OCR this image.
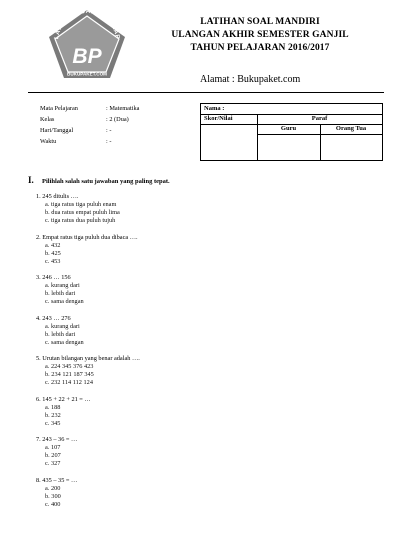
LATIHAN SOAL LENGKAP
BP
BUKUPAKET.COM
LATIHAN SOAL MANDIRI
ULANGAN AKHIR SEMESTER GANJIL
TAHUN PELAJARAN 2016/2017
Alamat : Bukupaket.com
Mata Pelajaran	: Matematika
Kelas	: 2 (Dua)
Hari/Tanggal	: -
Waktu	: -
Nama :
Skor/Nilai	Paraf
Guru	Orang Tua
I.	Pilihlah salah satu jawaban yang paling tepat.
1. 245 ditulis ….
a. tiga ratus tiga puluh enam
b. dua ratus empat puluh lima
c. tiga ratus dua puluh tujuh
2. Empat ratus tiga puluh dua dibaca ….
a. 432
b. 425
c. 453
3. 246 … 156
a. kurang dari
b. lebih dari
c. sama dengan
4. 243 … 276
a. kurang dari
b. lebih dari
c. sama dengan
5. Urutan bilangan yang benar adalah ….
a. 224 345 376 423
b. 234 121 187 345
c. 232 114 112 124
6. 145 + 22 + 21 = …
a. 188
b. 232
c. 345
7. 243 – 36 = …
a. 107
b. 207
c. 327
8. 435 – 35 = …
a. 200
b. 300
c. 400
